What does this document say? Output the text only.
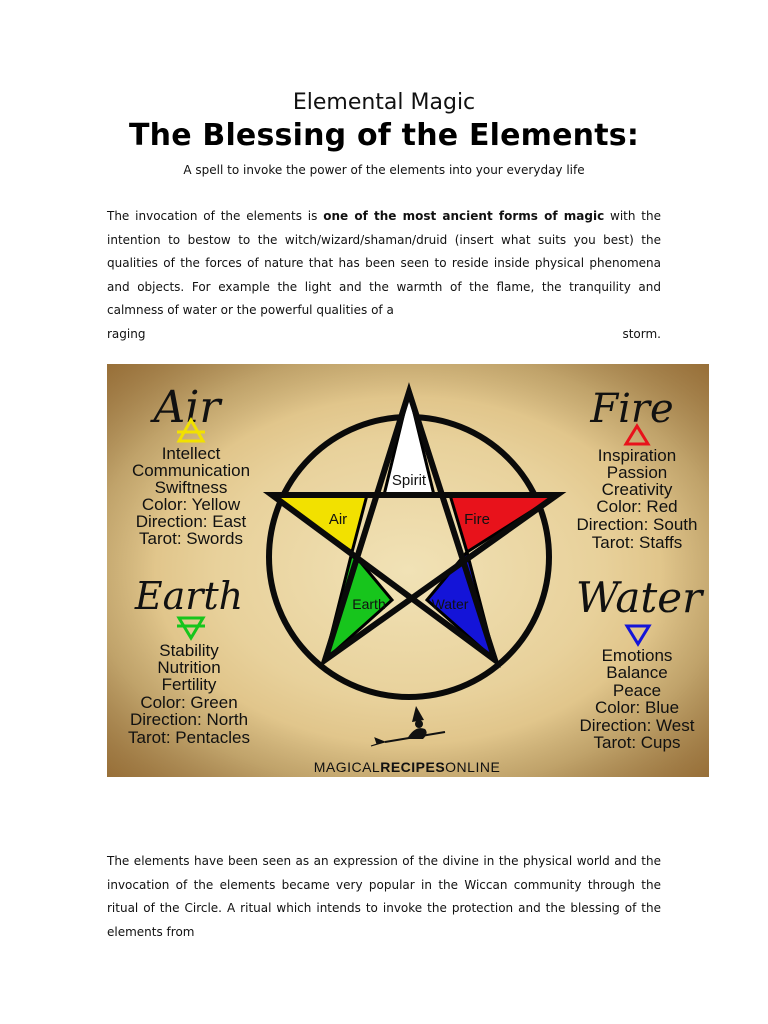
Elemental Magic
The Blessing of the Elements:
A spell to invoke the power of the elements into your everyday life
The invocation of the elements is one of the most ancient forms of magic with the intention to bestow to the witch/wizard/shaman/druid (insert what suits you best) the qualities of the forces of nature that has been seen to reside inside physical phenomena and objects. For example the light and the warmth of the flame, the tranquility and calmness of water or the powerful qualities of a
raging	storm.
Spirit
Air	Fire
Earth	Water
Air
Intellect
Communication
Swiftness
Color: Yellow
Direction: East
Tarot: Swords
Fire
Inspiration
Passion
Creativity
Color: Red
Direction: South
Tarot: Staffs
Earth
Stability
Nutrition
Fertility
Color: Green
Direction: North
Tarot: Pentacles
Water
Emotions
Balance
Peace
Color: Blue
Direction: West
Tarot: Cups
MAGICALRECIPESONLINE
The elements have been seen as an expression of the divine in the physical world and the invocation of the elements became very popular in the Wiccan community through the ritual of the Circle. A ritual which intends to invoke the protection and the blessing of the elements from
